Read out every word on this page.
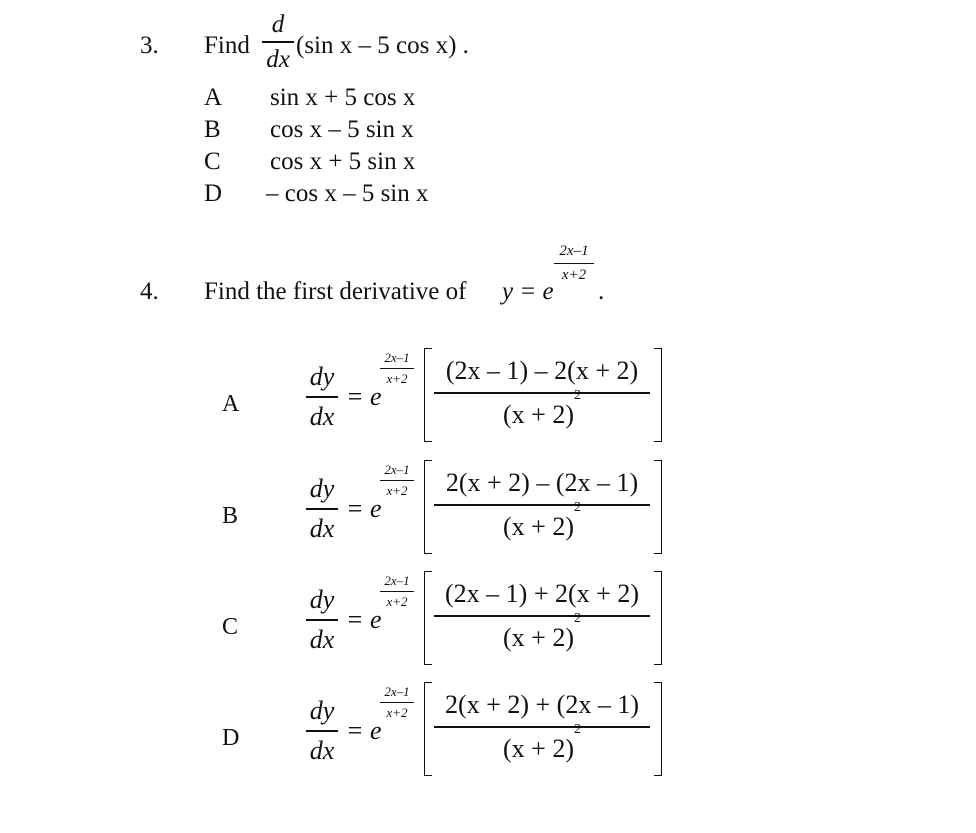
3. Find
d
dx
(sin x – 5 cos x) .
A sin x + 5 cos x
B cos x – 5 sin x
C cos x + 5 sin x
D – cos x – 5 sin x
4. Find the first derivative of y = e
2x–1
x+2
.
A
dy
dx
= e
2x–1
x+2 (2x – 1) – 2(x + 2)
$(x + 2)^2$
B
dy
dx
= e
2x–1
x+2 2(x + 2) – (2x – 1)
$(x + 2)^2$
C
dy
dx
= e
2x–1
x+2 (2x – 1) + 2(x + 2)
$(x + 2)^2$
D
dy
dx
= e
2x–1
x+2 2(x + 2) + (2x – 1)
$(x + 2)^2$
